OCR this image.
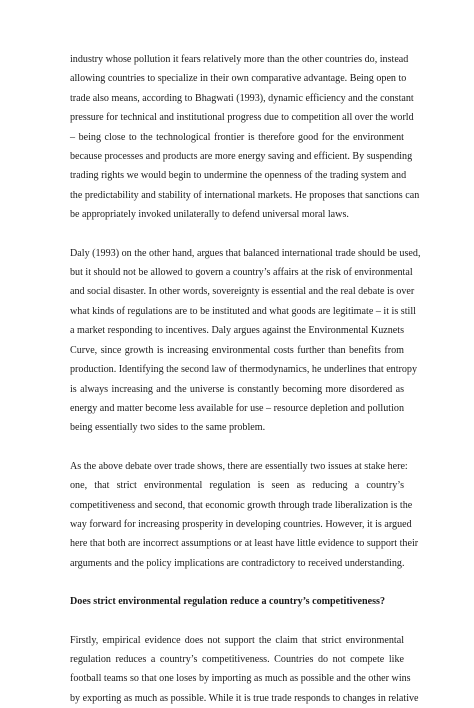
industry whose pollution it fears relatively more than the other countries do, instead
allowing countries to specialize in their own comparative advantage. Being open to
trade also means, according to Bhagwati (1993), dynamic efficiency and the constant
pressure for technical and institutional progress due to competition all over the world
– being close to the technological frontier is therefore good for the environment
because processes and products are more energy saving and efficient. By suspending
trading rights we would begin to undermine the openness of the trading system and
the predictability and stability of international markets. He proposes that sanctions can
be appropriately invoked unilaterally to defend universal moral laws.

Daly (1993) on the other hand, argues that balanced international trade should be used,
but it should not be allowed to govern a country’s affairs at the risk of environmental
and social disaster. In other words, sovereignty is essential and the real debate is over
what kinds of regulations are to be instituted and what goods are legitimate – it is still
a market responding to incentives. Daly argues against the Environmental Kuznets
Curve, since growth is increasing environmental costs further than benefits from
production. Identifying the second law of thermodynamics, he underlines that entropy
is always increasing and the universe is constantly becoming more disordered as
energy and matter become less available for use – resource depletion and pollution
being essentially two sides to the same problem.

As the above debate over trade shows, there are essentially two issues at stake here:
one, that strict environmental regulation is seen as reducing a country’s
competitiveness and second, that economic growth through trade liberalization is the
way forward for increasing prosperity in developing countries. However, it is argued
here that both are incorrect assumptions or at least have little evidence to support their
arguments and the policy implications are contradictory to received understanding.

Does strict environmental regulation reduce a country’s competitiveness?

Firstly, empirical evidence does not support the claim that strict environmental
regulation reduces a country’s competitiveness. Countries do not compete like
football teams so that one loses by importing as much as possible and the other wins
by exporting as much as possible. While it is true trade responds to changes in relative
